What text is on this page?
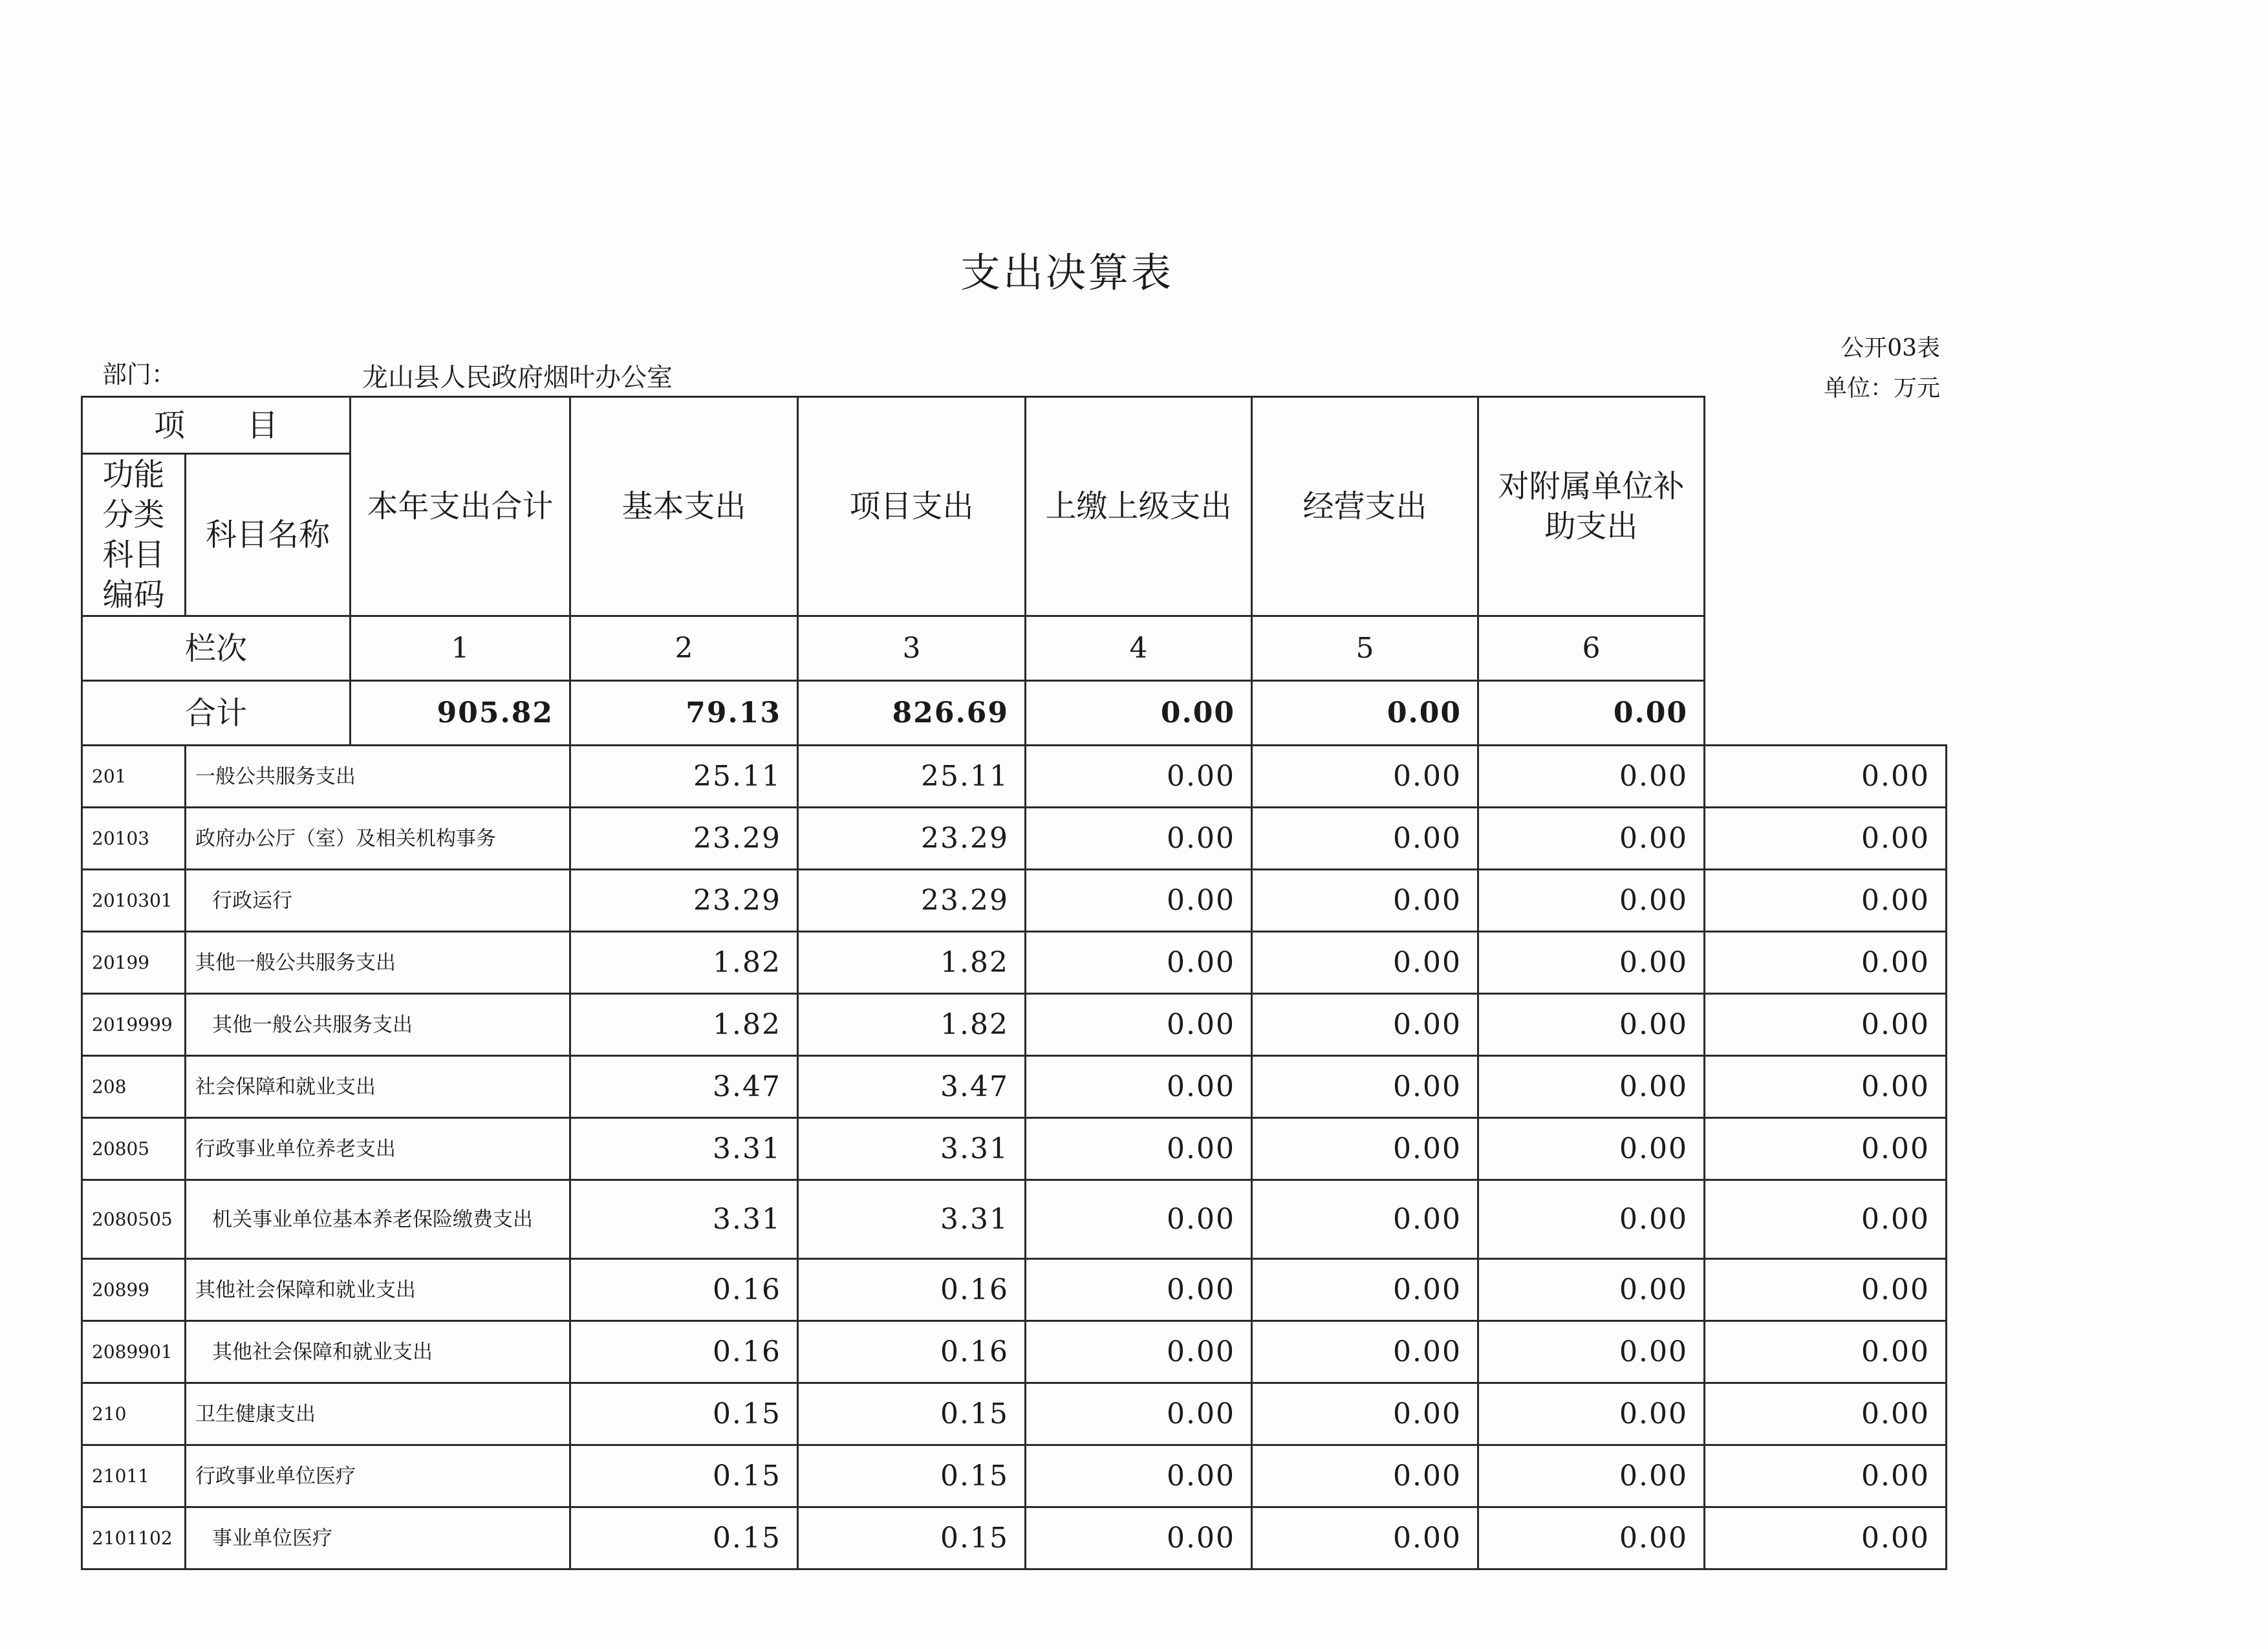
支出决算表
公开03表
单位：万元
部门：	龙山县人民政府烟叶办公室
项　　目		本年支出合计	基本支出	项目支出	上缴上级支出	经营支出	对附属单位补助支出	
功能分类科目编码	科目名称							
栏次		1	2	3	4	5	6	
合计		905.82	79.13	826.69	0.00	0.00	0.00	
201	一般公共服务支出		25.11	25.11	0.00	0.00	0.00	0.00
20103	政府办公厅（室）及相关机构事务		23.29	23.29	0.00	0.00	0.00	0.00
2010301	行政运行		23.29	23.29	0.00	0.00	0.00	0.00
20199	其他一般公共服务支出		1.82	1.82	0.00	0.00	0.00	0.00
2019999	其他一般公共服务支出		1.82	1.82	0.00	0.00	0.00	0.00
208	社会保障和就业支出		3.47	3.47	0.00	0.00	0.00	0.00
20805	行政事业单位养老支出		3.31	3.31	0.00	0.00	0.00	0.00
2080505	机关事业单位基本养老保险缴费支出		3.31	3.31	0.00	0.00	0.00	0.00
20899	其他社会保障和就业支出		0.16	0.16	0.00	0.00	0.00	0.00
2089901	其他社会保障和就业支出		0.16	0.16	0.00	0.00	0.00	0.00
210	卫生健康支出		0.15	0.15	0.00	0.00	0.00	0.00
21011	行政事业单位医疗		0.15	0.15	0.00	0.00	0.00	0.00
2101102	事业单位医疗		0.15	0.15	0.00	0.00	0.00	0.00
